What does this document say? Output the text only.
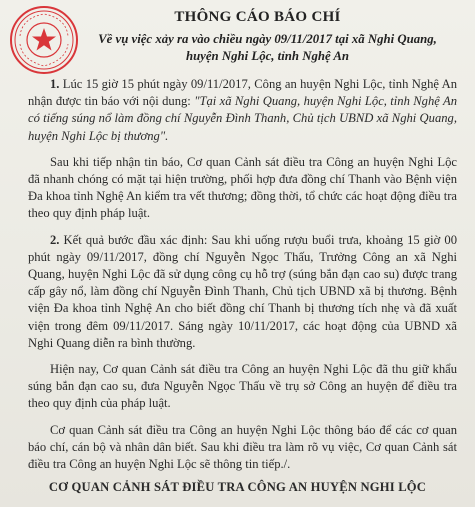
THÔNG CÁO BÁO CHÍ
Về vụ việc xảy ra vào chiều ngày 09/11/2017 tại xã Nghi Quang,
huyện Nghi Lộc, tỉnh Nghệ An

1. Lúc 15 giờ 15 phút ngày 09/11/2017, Công an huyện Nghi Lộc, tỉnh Nghệ An nhận được tin báo với nội dung: "Tại xã Nghi Quang, huyện Nghi Lộc, tỉnh Nghệ An có tiếng súng nổ làm đồng chí Nguyễn Đình Thanh, Chủ tịch UBND xã Nghi Quang, huyện Nghi Lộc bị thương".

Sau khi tiếp nhận tin báo, Cơ quan Cảnh sát điều tra Công an huyện Nghi Lộc đã nhanh chóng có mặt tại hiện trường, phối hợp đưa đồng chí Thanh vào Bệnh viện Đa khoa tỉnh Nghệ An kiểm tra vết thương; đồng thời, tổ chức các hoạt động điều tra theo quy định pháp luật.

2. Kết quả bước đầu xác định: Sau khi uống rượu buổi trưa, khoảng 15 giờ 00 phút ngày 09/11/2017, đồng chí Nguyễn Ngọc Thấu, Trưởng Công an xã Nghi Quang, huyện Nghi Lộc đã sử dụng công cụ hỗ trợ (súng bắn đạn cao su) được trang cấp gây nổ, làm đồng chí Nguyễn Đình Thanh, Chủ tịch UBND xã bị thương. Bệnh viện Đa khoa tỉnh Nghệ An cho biết đồng chí Thanh bị thương tích nhẹ và đã xuất viện trong đêm 09/11/2017. Sáng ngày 10/11/2017, các hoạt động của UBND xã Nghi Quang diễn ra bình thường.

Hiện nay, Cơ quan Cảnh sát điều tra Công an huyện Nghi Lộc đã thu giữ khẩu súng bắn đạn cao su, đưa Nguyễn Ngọc Thấu về trụ sở Công an huyện để điều tra theo quy định của pháp luật.

Cơ quan Cảnh sát điều tra Công an huyện Nghi Lộc thông báo để các cơ quan báo chí, cán bộ và nhân dân biết. Sau khi điều tra làm rõ vụ việc, Cơ quan Cảnh sát điều tra Công an huyện Nghi Lộc sẽ thông tin tiếp./.

CƠ QUAN CẢNH SÁT ĐIỀU TRA CÔNG AN HUYỆN NGHI LỘC
